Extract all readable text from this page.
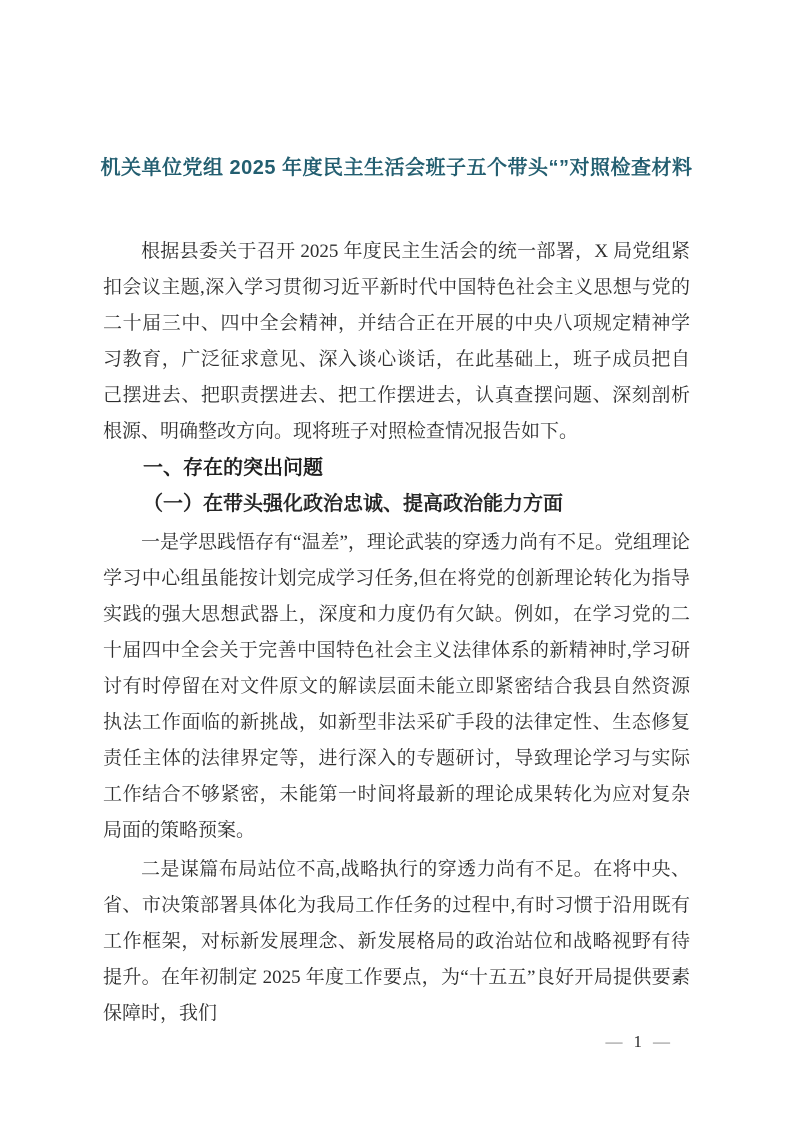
机关单位党组 2025 年度民主生活会班子五个带头“”对照检查材料

根据县委关于召开 2025 年度民主生活会的统一部署，X 局党组紧扣会议主题,深入学习贯彻习近平新时代中国特色社会主义思想与党的二十届三中、四中全会精神，并结合正在开展的中央八项规定精神学习教育，广泛征求意见、深入谈心谈话，在此基础上，班子成员把自己摆进去、把职责摆进去、把工作摆进去，认真查摆问题、深刻剖析根源、明确整改方向。现将班子对照检查情况报告如下。

一、存在的突出问题
（一）在带头强化政治忠诚、提高政治能力方面

一是学思践悟存有“温差”，理论武装的穿透力尚有不足。党组理论学习中心组虽能按计划完成学习任务,但在将党的创新理论转化为指导实践的强大思想武器上，深度和力度仍有欠缺。例如，在学习党的二十届四中全会关于完善中国特色社会主义法律体系的新精神时,学习研讨有时停留在对文件原文的解读层面未能立即紧密结合我县自然资源执法工作面临的新挑战，如新型非法采矿手段的法律定性、生态修复责任主体的法律界定等，进行深入的专题研讨，导致理论学习与实际工作结合不够紧密，未能第一时间将最新的理论成果转化为应对复杂局面的策略预案。

二是谋篇布局站位不高,战略执行的穿透力尚有不足。在将中央、省、市决策部署具体化为我局工作任务的过程中,有时习惯于沿用既有工作框架，对标新发展理念、新发展格局的政治站位和战略视野有待提升。在年初制定 2025 年度工作要点，为“十五五”良好开局提供要素保障时，我们

— 1 —
